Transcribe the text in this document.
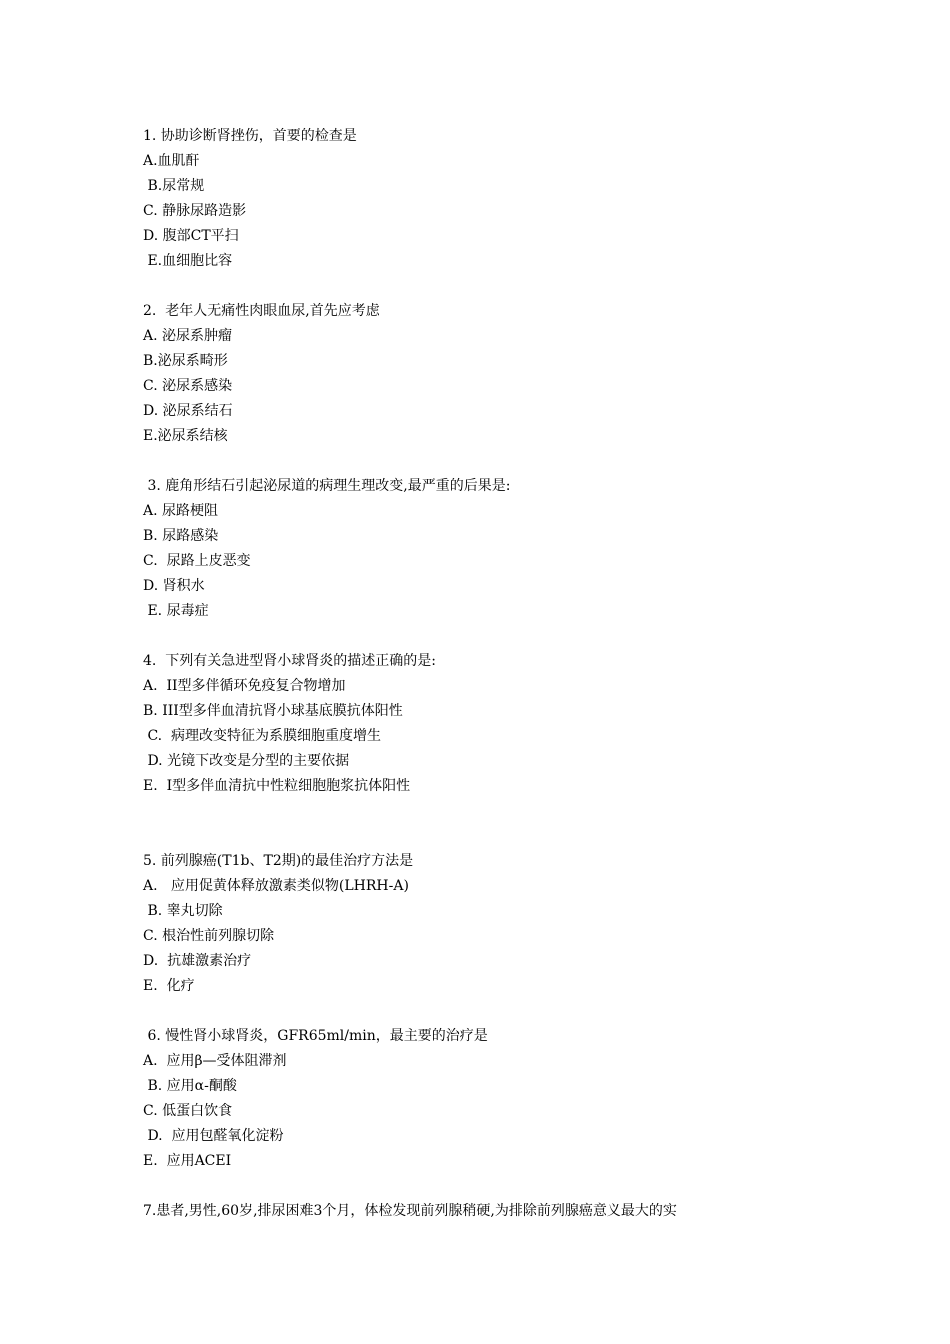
1. 协助诊断肾挫伤，首要的检查是
A.血肌酐
B.尿常规
C. 静脉尿路造影
D. 腹部CT平扫
E.血细胞比容
2.  老年人无痛性肉眼血尿,首先应考虑
A. 泌尿系肿瘤
B.泌尿系畸形
C. 泌尿系感染
D. 泌尿系结石
E.泌尿系结核
3. 鹿角形结石引起泌尿道的病理生理改变,最严重的后果是:
A. 尿路梗阻
B. 尿路感染
C.  尿路上皮恶变
D. 肾积水
E. 尿毒症
4.  下列有关急进型肾小球肾炎的描述正确的是:
A.  II型多伴循环免疫复合物增加
B. III型多伴血清抗肾小球基底膜抗体阳性
C.  病理改变特征为系膜细胞重度增生
D. 光镜下改变是分型的主要依据
E.  I型多伴血清抗中性粒细胞胞浆抗体阳性
5. 前列腺癌(T1b、T2期)的最佳治疗方法是
A.   应用促黄体释放激素类似物(LHRH-A)
B. 睾丸切除
C. 根治性前列腺切除
D.  抗雄激素治疗
E.  化疗
6. 慢性肾小球肾炎，GFR65ml/min，最主要的治疗是
A.  应用β—受体阻滞剂
B. 应用α-酮酸
C. 低蛋白饮食
D.  应用包醛氧化淀粉
E.  应用ACEI
7.患者,男性,60岁,排尿困难3个月，体检发现前列腺稍硬,为排除前列腺癌意义最大的实
